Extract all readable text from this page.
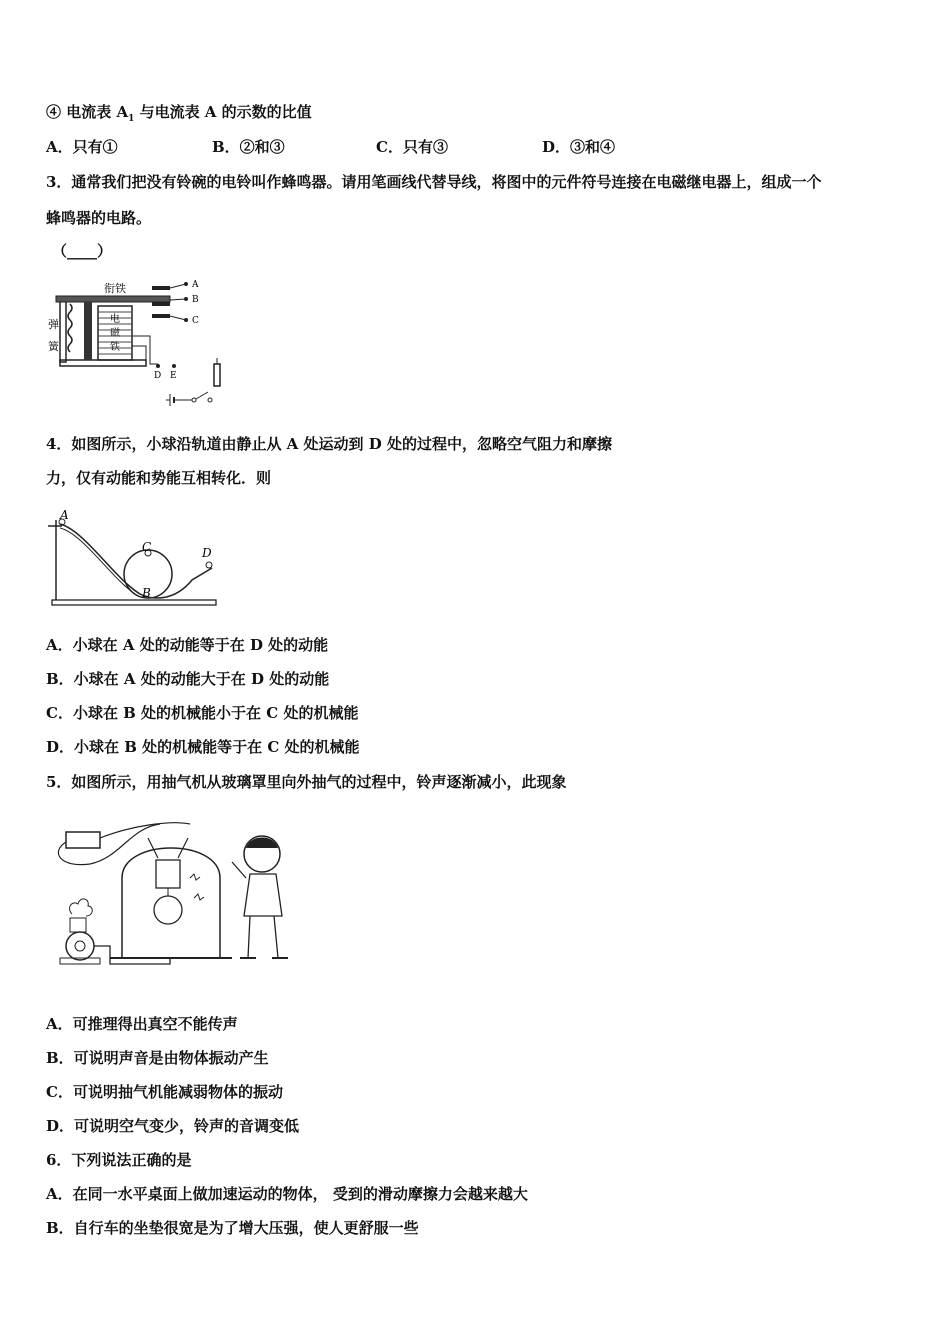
④ 电流表 $A_1$ 与电流表 A 的示数的比值
A．只有①	B．②和③	C．只有③	D．③和④
3．通常我们把没有铃碗的电铃叫作蜂鸣器。请用笔画线代替导线，将图中的元件符号连接在电磁继电器上，组成一个
蜂鸣器的电路。
（____）
衔铁
弹
簧
电
磁
铁
A
B
C
D E
4．如图所示，小球沿轨道由静止从 A 处运动到 D 处的过程中，忽略空气阻力和摩擦
力，仅有动能和势能互相转化．则
A
C	D
B
A．小球在 A 处的动能等于在 D 处的动能
B．小球在 A 处的动能大于在 D 处的动能
C．小球在 B 处的机械能小于在 C 处的机械能
D．小球在 B 处的机械能等于在 C 处的机械能
5．如图所示，用抽气机从玻璃罩里向外抽气的过程中，铃声逐渐减小，此现象
A．可推理得出真空不能传声
B．可说明声音是由物体振动产生
C．可说明抽气机能减弱物体的振动
D．可说明空气变少，铃声的音调变低
6．下列说法正确的是
A．在同一水平桌面上做加速运动的物体， 受到的滑动摩擦力会越来越大
B．自行车的坐垫很宽是为了增大压强，使人更舒服一些
